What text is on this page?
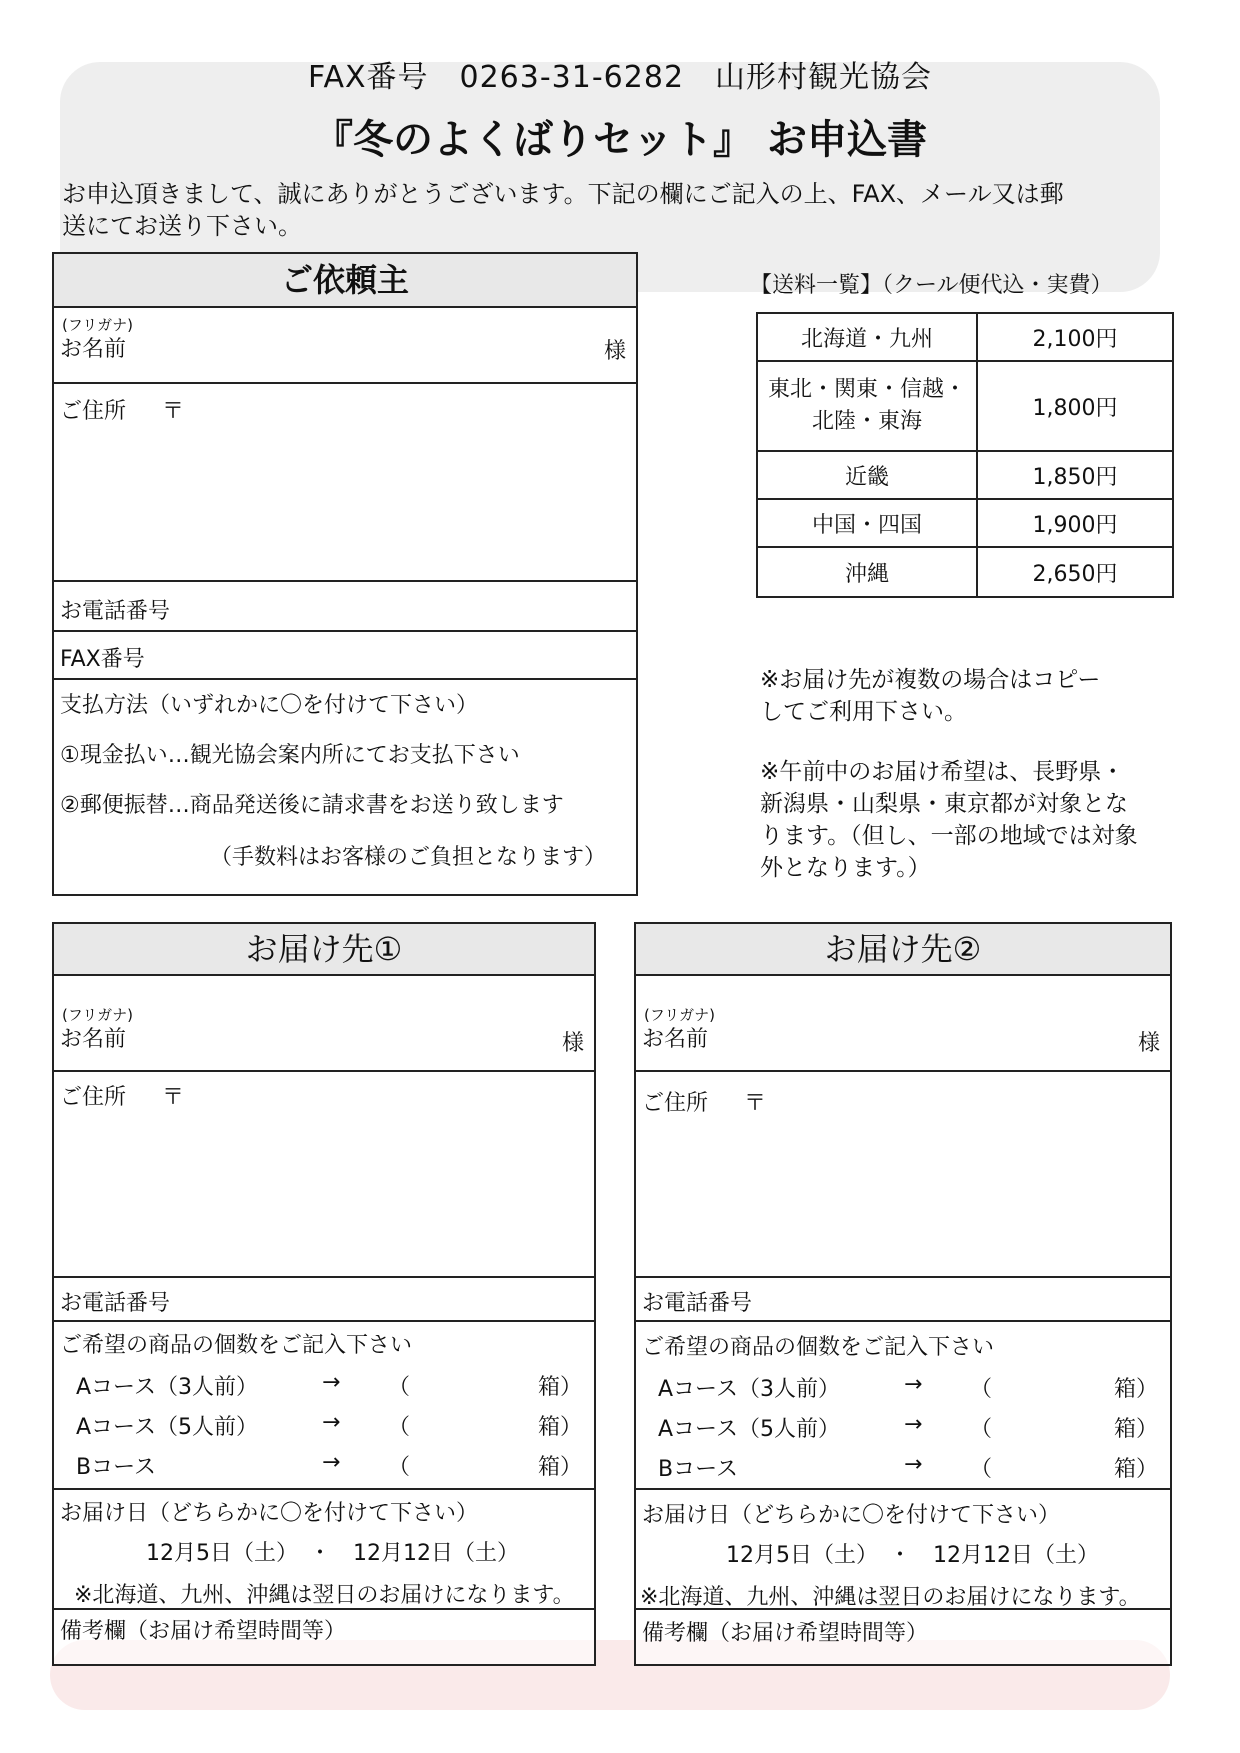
FAX番号　0263-31-6282　山形村観光協会
『冬のよくばりセット』 お申込書
お申込頂きまして、誠にありがとうございます。下記の欄にご記入の上、FAX、メール又は郵
送にてお送り下さい。
ご依頼主
(フリガナ)
お名前	様
ご住所 〒
お電話番号
FAX番号
支払方法（いずれかに〇を付けて下さい）
①現金払い…観光協会案内所にてお支払下さい
②郵便振替…商品発送後に請求書をお送り致します
（手数料はお客様のご負担となります）
【送料一覧】（クール便代込・実費）
北海道・九州	2,100円

東北・関東・信越・
北陸・東海	1,800円
近畿	1,850円
中国・四国	1,900円
沖縄	2,650円
※お届け先が複数の場合はコピー
してご利用下さい。
※午前中のお届け希望は、長野県・
新潟県・山梨県・東京都が対象とな
ります。（但し、一部の地域では対象
外となります。）
お届け先①
(フリガナ)
お名前	様
ご住所 〒
お電話番号
ご希望の商品の個数をご記入下さい
Aコース（3人前）	→ （	箱）
Aコース（5人前）	→ （	箱）
Bコース	→ （	箱）
お届け日（どちらかに〇を付けて下さい）
12月5日（土）　・　12月12日（土）
※北海道、九州、沖縄は翌日のお届けになります。
備考欄（お届け希望時間等）
お届け先②
(フリガナ)
お名前	様
ご住所 〒
お電話番号
ご希望の商品の個数をご記入下さい
Aコース（3人前）	→ （	箱）
Aコース（5人前）	→ （	箱）
Bコース	→ （	箱）
お届け日（どちらかに〇を付けて下さい）
12月5日（土）　・　12月12日（土）
※北海道、九州、沖縄は翌日のお届けになります。
備考欄（お届け希望時間等）
